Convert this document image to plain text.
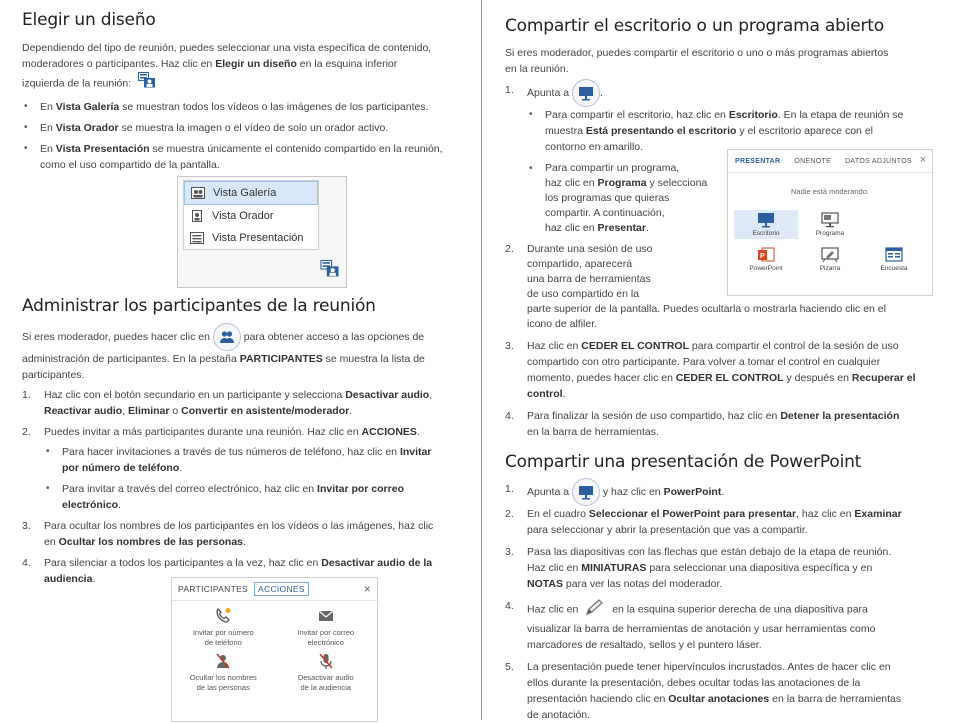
Elegir un diseño

Dependiendo del tipo de reunión, puedes seleccionar una vista específica de contenido,

moderadores o participantes. Haz clic en Elegir un diseño en la esquina inferior

izquierda de la reunión:

• En Vista Galería se muestran todos los vídeos o las imágenes de los participantes.
• En Vista Orador se muestra la imagen o el vídeo de solo un orador activo.
• En Vista Presentación se muestra únicamente el contenido compartido en la reunión,
como el uso compartido de la pantalla.
Vista Galería
Vista Orador
Vista Presentación
Administrar los participantes de la reunión

Si eres moderador, puedes hacer clic en	para obtener acceso a las opciones de

administración de participantes. En la pestaña PARTICIPANTES se muestra la lista de

participantes.

1. Haz clic con el botón secundario en un participante y selecciona Desactivar audio,
Reactivar audio, Eliminar o Convertir en asistente/moderador.
2. Puedes invitar a más participantes durante una reunión. Haz clic en ACCIONES.
• Para hacer invitaciones a través de tus números de teléfono, haz clic en Invitar
por número de teléfono.
• Para invitar a través del correo electrónico, haz clic en Invitar por correo
electrónico.
3. Para ocultar los nombres de los participantes en los vídeos o las imágenes, haz clic
en Ocultar los nombres de las personas.
4. Para silenciar a todos los participantes a la vez, haz clic en Desactivar audio de la
audiencia.
PARTICIPANTES	ACCIONES	×
Invitar por número
de teléfono
Invitar por correo
electrónico
Ocultar los nombres
de las personas
Desactivar audio
de la audiencia
Compartir el escritorio o un programa abierto

Si eres moderador, puedes compartir el escritorio o uno o más programas abiertos

en la reunión.

1. Apunta a	.
• Para compartir el escritorio, haz clic en Escritorio. En la etapa de reunión se
muestra Está presentando el escritorio y el escritorio aparece con el
contorno en amarillo.
• Para compartir un programa,
haz clic en Programa y selecciona
los programas que quieras
compartir. A continuación,
haz clic en Presentar.
2. Durante una sesión de uso
compartido, aparecerá
una barra de herramientas
de uso compartido en la
parte superior de la pantalla. Puedes ocultarla o mostrarla haciendo clic en el
icono de alfiler.
3. Haz clic en CEDER EL CONTROL para compartir el control de la sesión de uso
compartido con otro participante. Para volver a tomar el control en cualquier
momento, puedes hacer clic en CEDER EL CONTROL y después en Recuperar el
control.
4. Para finalizar la sesión de uso compartido, haz clic en Detener la presentación
en la barra de herramientas.
Compartir una presentación de PowerPoint
1. Apunta a	y haz clic en PowerPoint.
2. En el cuadro Seleccionar el PowerPoint para presentar, haz clic en Examinar
para seleccionar y abrir la presentación que vas a compartir.
3. Pasa las diapositivas con las flechas que están debajo de la etapa de reunión.
Haz clic en MINIATURAS para seleccionar una diapositiva específica y en
NOTAS para ver las notas del moderador.
4. Haz clic en	en la esquina superior derecha de una diapositiva para
visualizar la barra de herramientas de anotación y usar herramientas como
marcadores de resaltado, sellos y el puntero láser.
5. La presentación puede tener hipervínculos incrustados. Antes de hacer clic en
ellos durante la presentación, debes ocultar todas las anotaciones de la
presentación haciendo clic en Ocultar anotaciones en la barra de herramientas
de anotación.
PRESENTAR	ONENOTE	DATOS ADJUNTOS
Nadie está moderando.
Escritorio	Programa
P
PowerPoint	Pizarra	Encuesta
×
